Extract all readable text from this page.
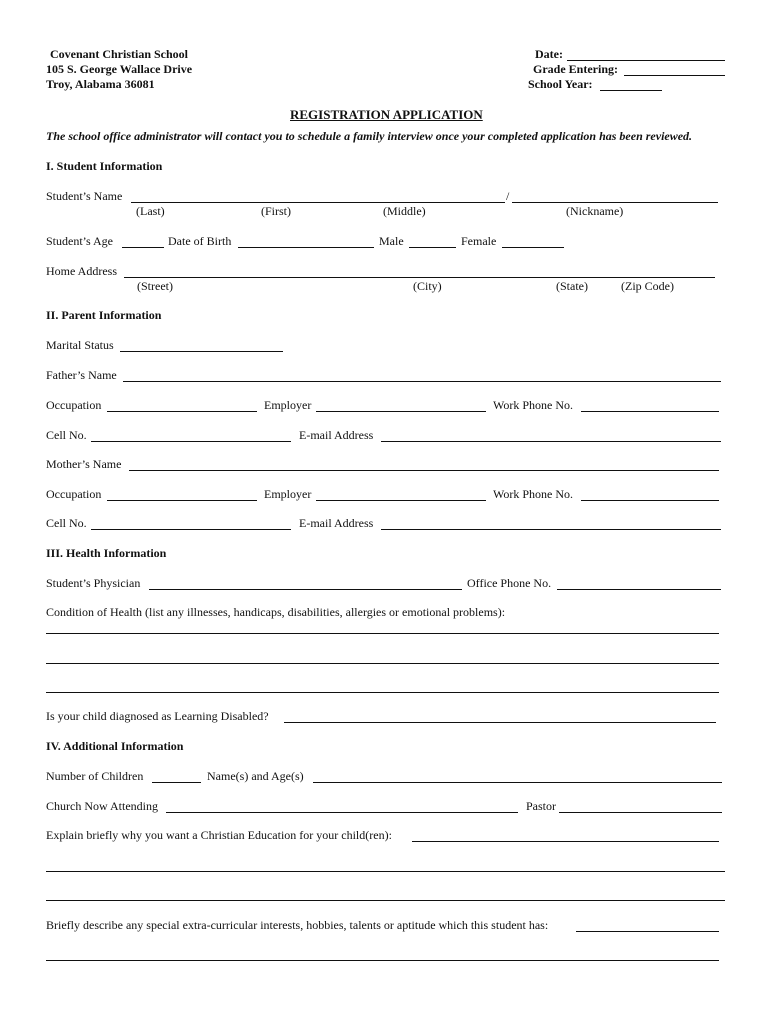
Covenant Christian School
105 S. George Wallace Drive
Troy, Alabama 36081
Date:
Grade Entering:
School Year:
REGISTRATION APPLICATION
The school office administrator will contact you to schedule a family interview once your completed application has been reviewed.
I. Student Information
Student’s Name	/
(Last)	(First)	(Middle)	(Nickname)
Student’s Age	Date of Birth	Male	Female
Home Address
(Street)	(City)	(State)	(Zip Code)
II. Parent Information
Marital Status
Father’s Name
Occupation	Employer	Work Phone No.
Cell No.	E-mail Address
Mother’s Name
Occupation	Employer	Work Phone No.
Cell No.	E-mail Address
III. Health Information
Student’s Physician	Office Phone No.
Condition of Health (list any illnesses, handicaps, disabilities, allergies or emotional problems):
Is your child diagnosed as Learning Disabled?
IV. Additional Information
Number of Children	Name(s) and Age(s)
Church Now Attending	Pastor
Explain briefly why you want a Christian Education for your child(ren):
Briefly describe any special extra-curricular interests, hobbies, talents or aptitude which this student has:
